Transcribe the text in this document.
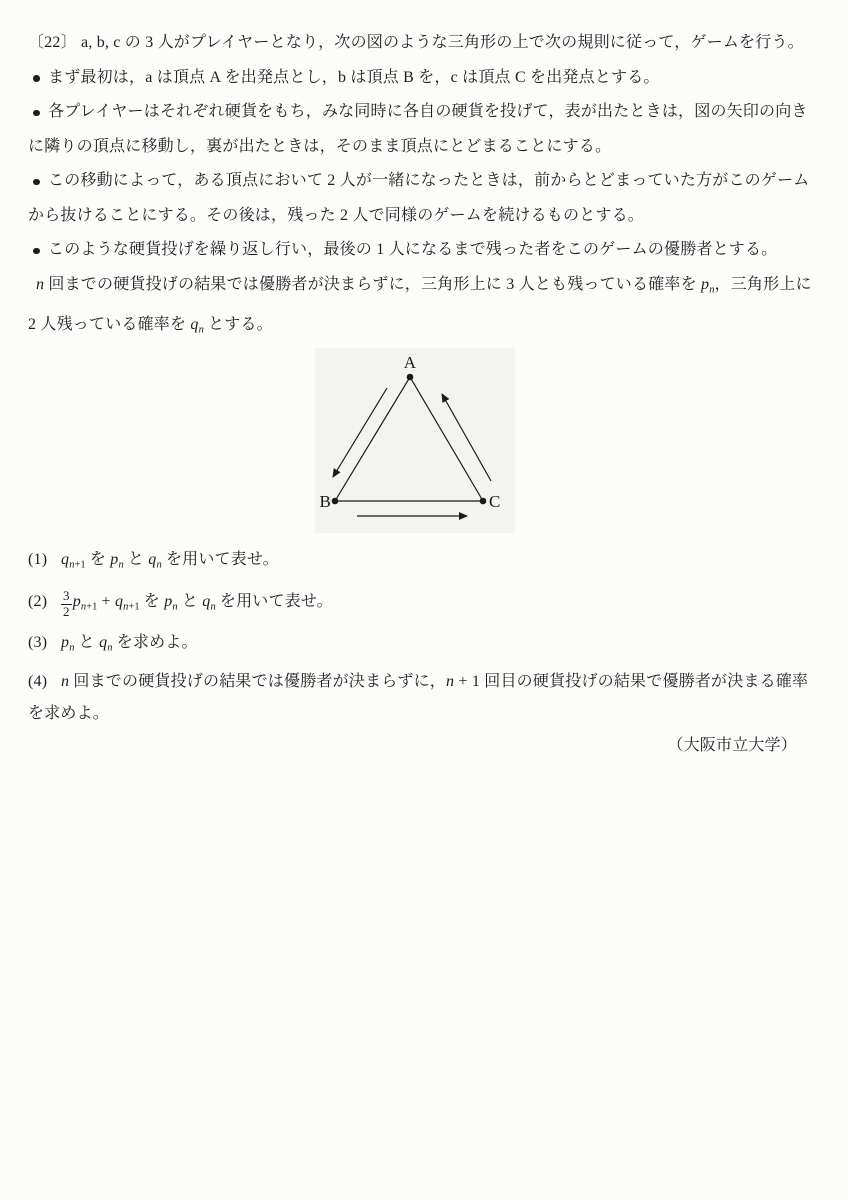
〔22〕 a, b, c の 3 人がプレイヤーとなり，次の図のような三角形の上で次の規則に従って，ゲームを行う。
まず最初は，a は頂点 A を出発点とし，b は頂点 B を，c は頂点 C を出発点とする。
各プレイヤーはそれぞれ硬貨をもち，みな同時に各自の硬貨を投げて，表が出たときは，図の矢印の向き
に隣りの頂点に移動し，裏が出たときは，そのまま頂点にとどまることにする。
この移動によって，ある頂点において 2 人が一緒になったときは，前からとどまっていた方がこのゲーム
から抜けることにする。その後は，残った 2 人で同様のゲームを続けるものとする。
このような硬貨投げを繰り返し行い，最後の 1 人になるまで残った者をこのゲームの優勝者とする。
n 回までの硬貨投げの結果では優勝者が決まらずに，三角形上に 3 人とも残っている確率を $p_n$，三角形上に
2 人残っている確率を $q_n$ とする。
A
B	C
(1) $q_{n+1}$ を $p_n$ と $q_n$ を用いて表せ。
$(2) \frac{3}{2} p_{n+1} + q_{n+1}$ を $p_n$ と $q_n$ を用いて表せ。
(3) $p_n$ と $q_n$ を求めよ。
(4) n 回までの硬貨投げの結果では優勝者が決まらずに，n + 1 回目の硬貨投げの結果で優勝者が決まる確率
を求めよ。
（大阪市立大学）
